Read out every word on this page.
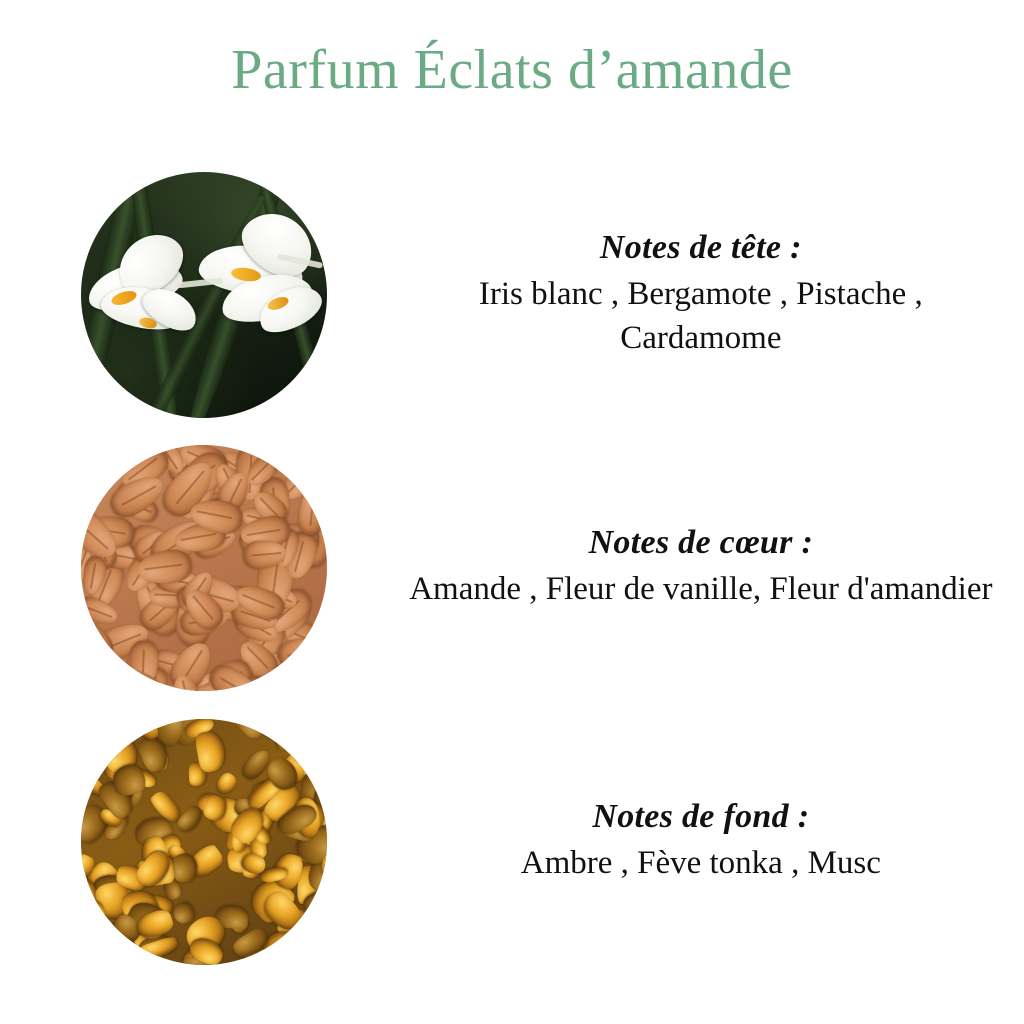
Parfum Éclats d’amande
Notes de tête :
Iris blanc , Bergamote , Pistache , Cardamome
Notes de cœur :
Amande , Fleur de vanille, Fleur d'amandier
Notes de fond :
Ambre , Fève tonka , Musc
